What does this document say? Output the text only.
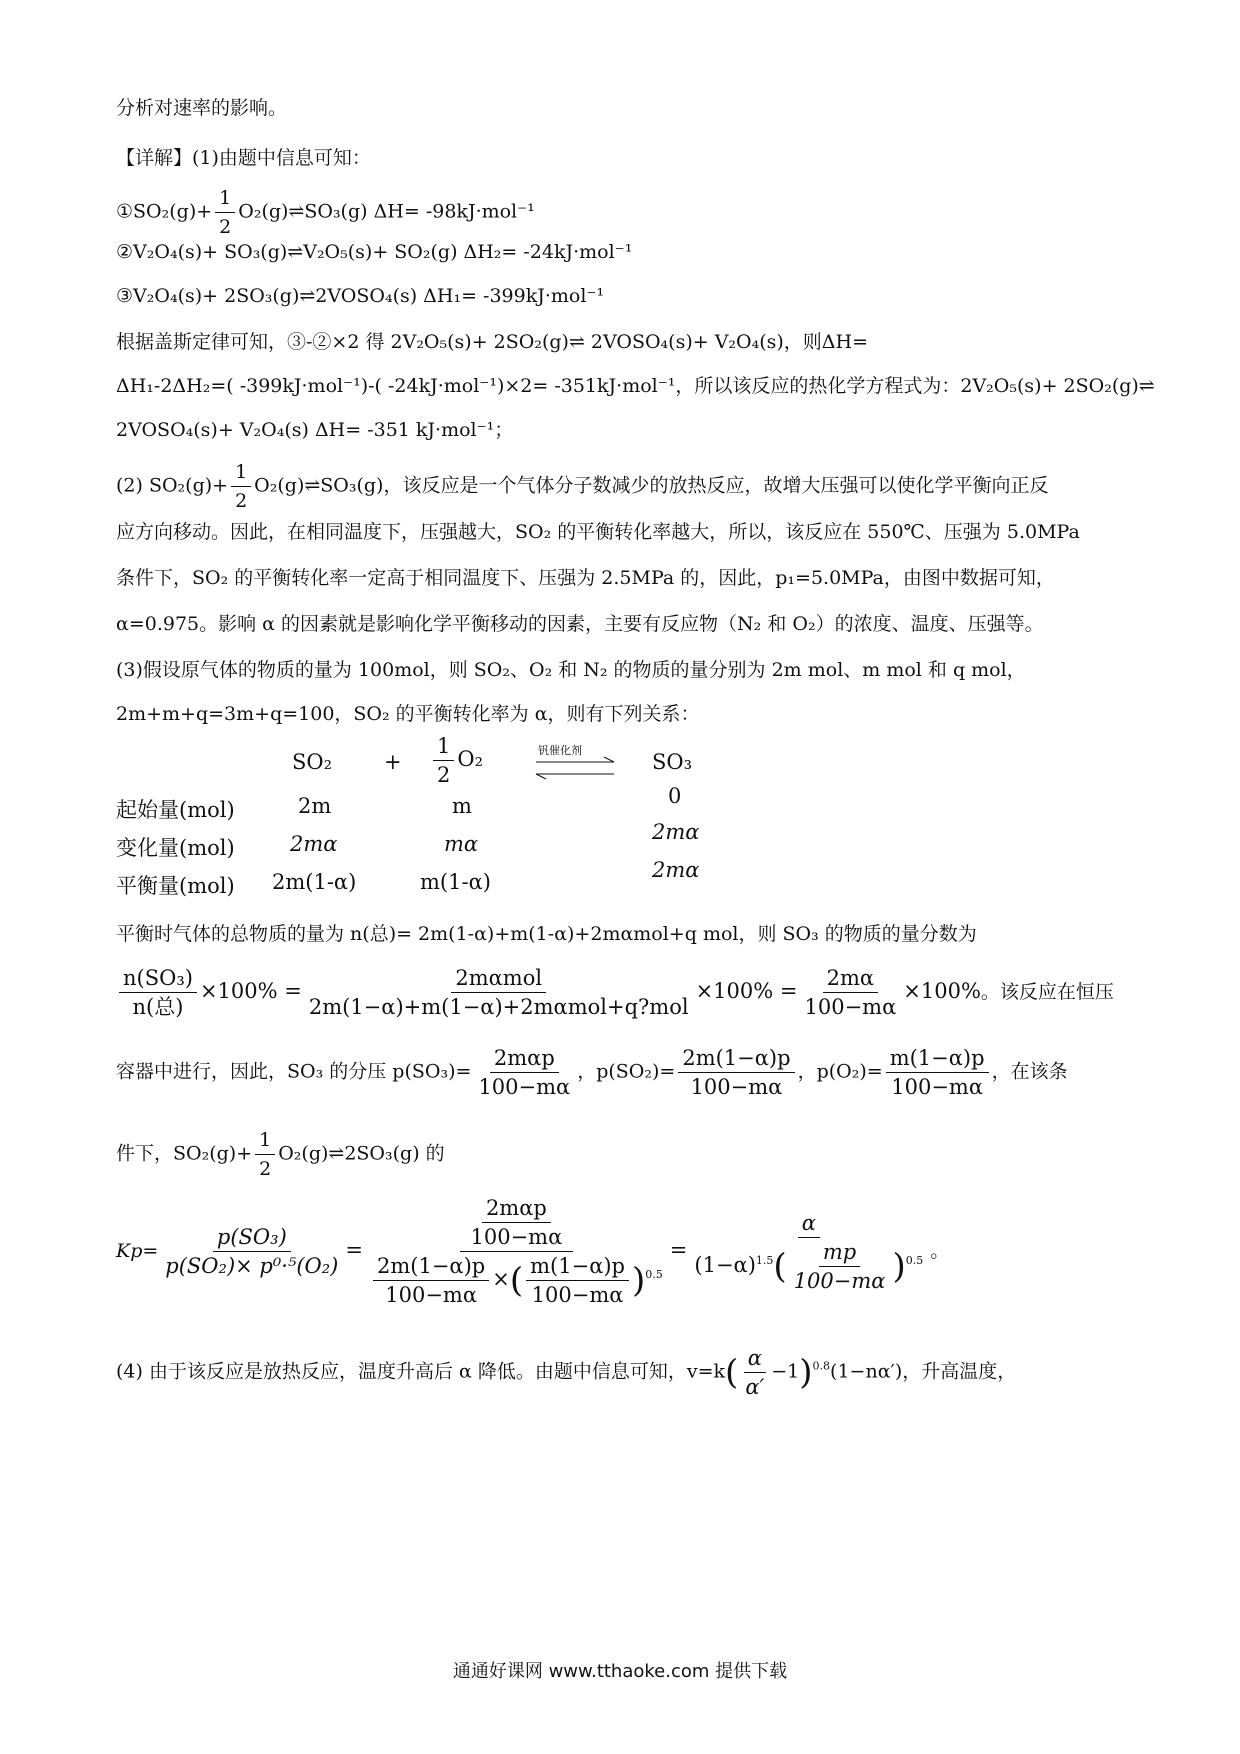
分析对速率的影响。
【详解】(1)由题中信息可知：
①SO₂(g)+ $\frac{1}{2}$ O₂(g)⇌SO₃(g) ΔH= -98kJ·mol⁻¹
②V₂O₄(s)+ SO₃(g)⇌V₂O₅(s)+ SO₂(g) ΔH₂= -24kJ·mol⁻¹
③V₂O₄(s)+ 2SO₃(g)⇌2VOSO₄(s) ΔH₁= -399kJ·mol⁻¹
根据盖斯定律可知，③-②×2 得 2V₂O₅(s)+ 2SO₂(g)⇌ 2VOSO₄(s)+ V₂O₄(s)，则ΔH=
ΔH₁-2ΔH₂=( -399kJ·mol⁻¹)-( -24kJ·mol⁻¹)×2= -351kJ·mol⁻¹，所以该反应的热化学方程式为：2V₂O₅(s)+ 2SO₂(g)⇌
2VOSO₄(s)+ V₂O₄(s) ΔH= -351 kJ·mol⁻¹；
(2) $SO_2(g)+ \frac{1}{2}$ O₂(g)⇌SO₃(g)，该反应是一个气体分子数减少的放热反应，故增大压强可以使化学平衡向正反
应方向移动。因此，在相同温度下，压强越大，SO₂ 的平衡转化率越大，所以，该反应在 550℃、压强为 5.0MPa
条件下，SO₂ 的平衡转化率一定高于相同温度下、压强为 2.5MPa 的，因此，p₁=5.0MPa，由图中数据可知，
α=0.975。影响 α 的因素就是影响化学平衡移动的因素，主要有反应物（N₂ 和 O₂）的浓度、温度、压强等。
(3)假设原气体的物质的量为 100mol，则 SO₂、O₂ 和 N₂ 的物质的量分别为 2m mol、m mol 和 q mol，
2m+m+q=3m+q=100，SO₂ 的平衡转化率为 α，则有下列关系：
$SO_2 + \frac{1}{2} O_2$	钒催化剂	SO₃
起始量(mol)	2m	m	0
变化量(mol)	2mα	mα	2mα
平衡量(mol) 2m(1-α)	m(1-α)	2mα
平衡时气体的总物质的量为 n(总)= 2m(1-α)+m(1-α)+2mαmol+q mol，则 SO₃ 的物质的量分数为
$\frac{\text{n(SO₃)}}{\text{n(总)}} \times 100\% = \frac{\text{2mαmol}}{\text{2m(1−α)+m(1−α)+2mαmol+q?mol}} \times 100\% = \frac{2m\alpha}{100-m\alpha} \times 100\%$。该反应在恒压
容器中进行，因此，SO₃ 的分压 $p(SO_3)= \frac{\text{2mαp}}{100-m\alpha}$ ，$p(SO_2)= \frac{2m(1-\alpha)p}{100-m\alpha}$ ，$p(O_2)= \frac{m(1-\alpha)p}{100-m\alpha}$ ，在该条
件下，$SO_2(g)+ \frac{1}{2}$ O₂(g)⇌2SO₃(g) 的
$Kp= \frac{\text{p(SO₃)}}{\text{p(SO₂)× p⁰·⁵(O₂)}} = \frac{\frac{\text{2mαp}}{100-m\alpha}}{\frac{2m(1-\alpha)p}{100-m\alpha} \times( \frac{m(1-\alpha)p}{100-m\alpha} )^{0.5}} = \frac{\alpha}{(1-\alpha)^{1.5}( \frac{mp}{100-m\alpha} )^{0.5}}$ 。
(4) 由于该反应是放热反应，温度升高后 α 降低。由题中信息可知，$v=k( \frac{\alpha}{\alpha'} -1)^{0.8}(1-n\alpha')$，升高温度，
通通好课网 www.tthaoke.com 提供下载
